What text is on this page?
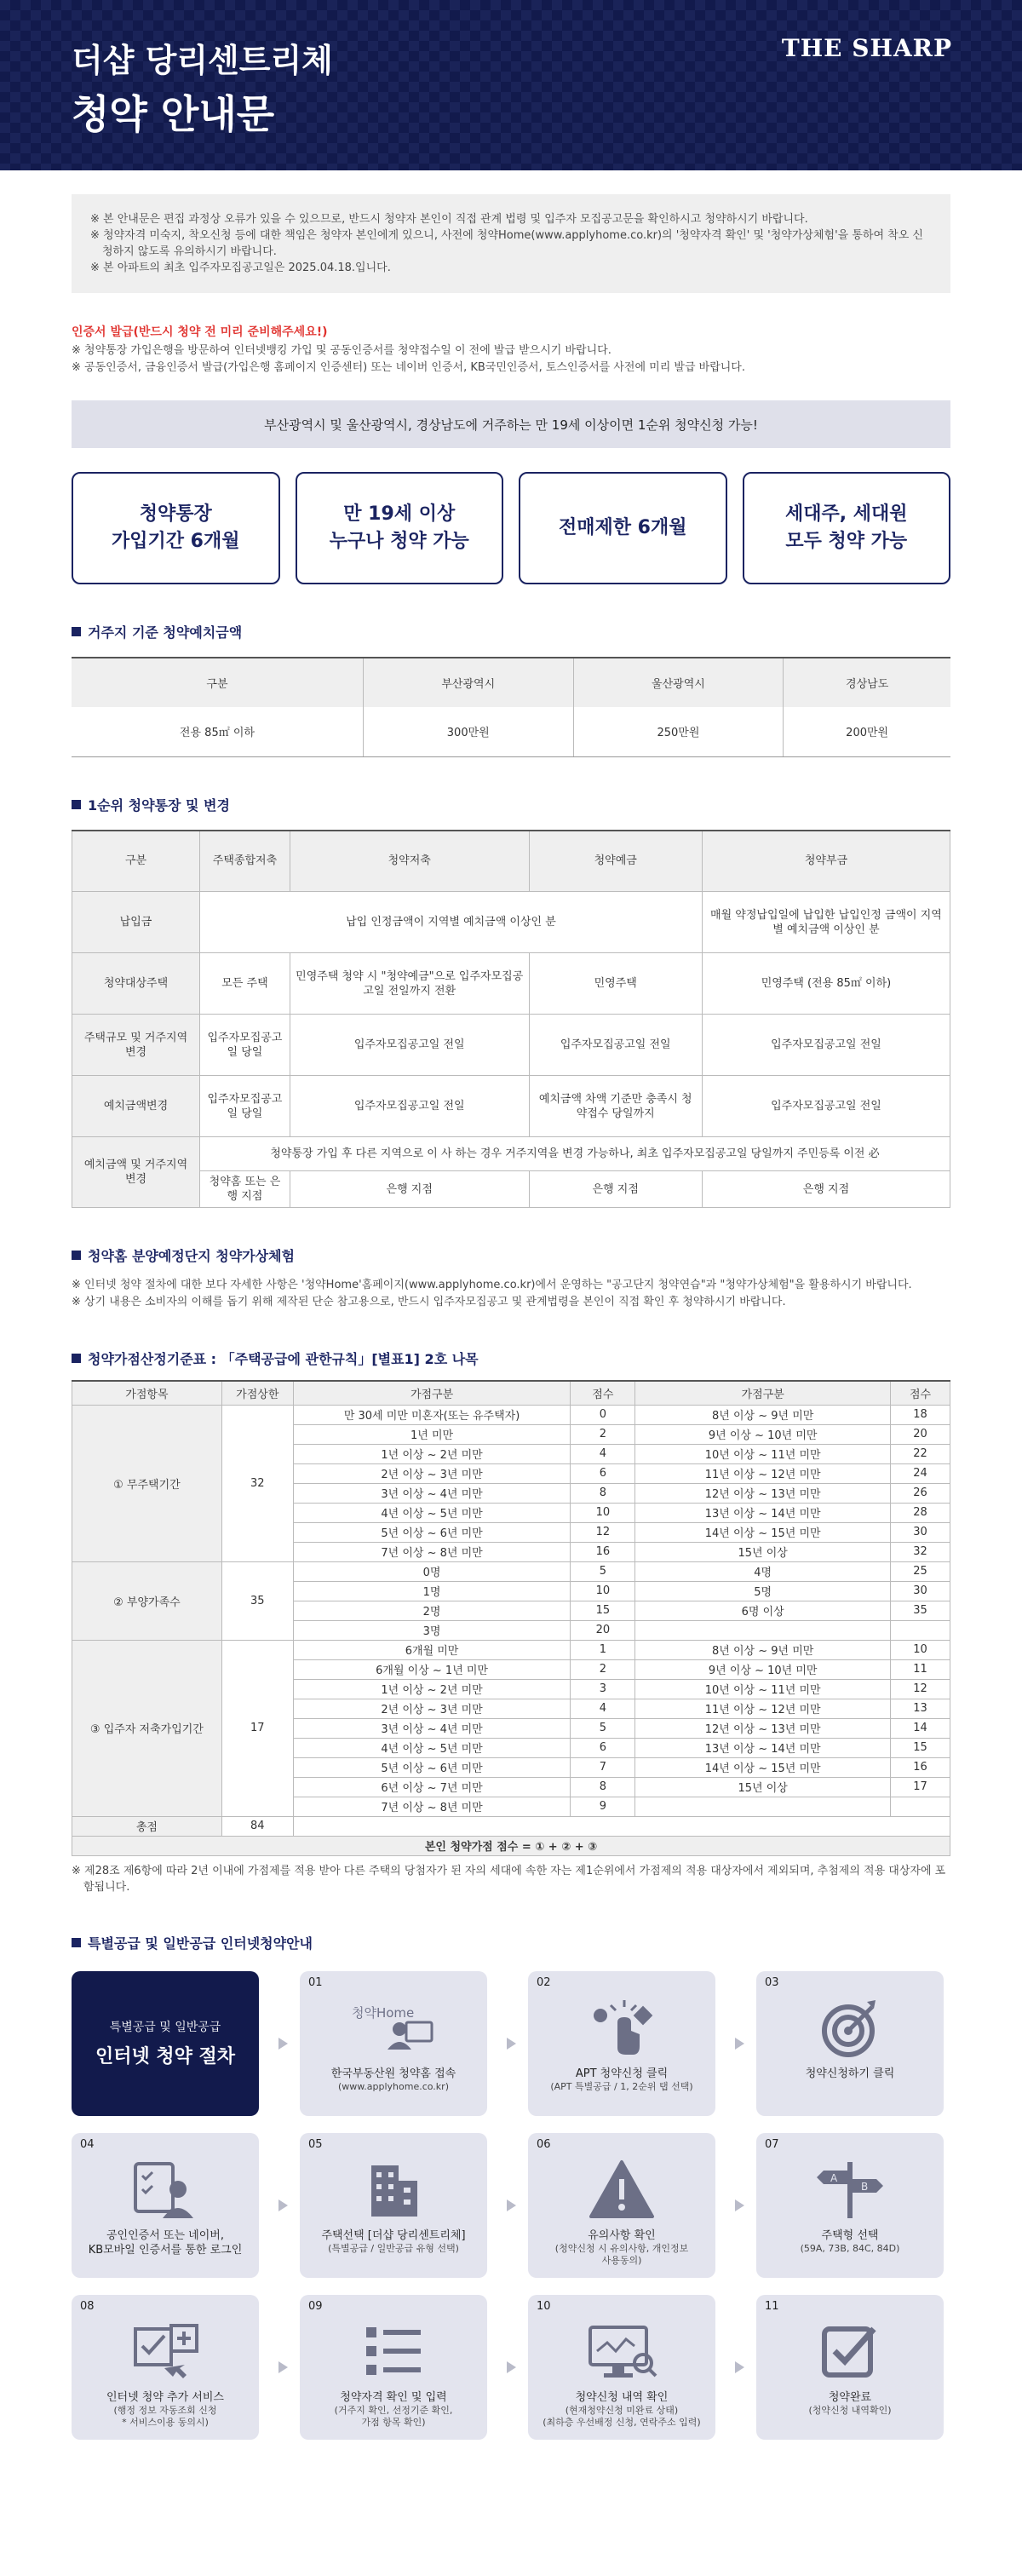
더샵 당리센트리체
청약 안내문
THE SHARP

※ 본 안내문은 편집 과정상 오류가 있을 수 있으므로, 반드시 청약자 본인이 직접 관계 법령 및 입주자 모집공고문을 확인하시고 청약하시기 바랍니다.

※ 청약자격 미숙지, 착오신청 등에 대한 책임은 청약자 본인에게 있으니, 사전에 청약Home(www.applyhome.co.kr)의 '청약자격 확인' 및 '청약가상체험'을 통하여 착오 신청하지 않도록 유의하시기 바랍니다.

※ 본 아파트의 최초 입주자모집공고일은 2025.04.18.입니다.

인증서 발급(반드시 청약 전 미리 준비해주세요!)

※ 청약통장 가입은행을 방문하여 인터넷뱅킹 가입 및 공동인증서를 청약접수일 이 전에 발급 받으시기 바랍니다.

※ 공동인증서, 금융인증서 발급(가입은행 홈페이지 인증센터) 또는 네이버 인증서, KB국민인증서, 토스인증서를 사전에 미리 발급 바랍니다.

부산광역시 및 울산광역시, 경상남도에 거주하는 만 19세 이상이면 1순위 청약신청 가능!
청약통장
가입기간 6개월
만 19세 이상
누구나 청약 가능
전매제한 6개월
세대주, 세대원
모두 청약 가능
거주지 기준 청약예치금액
구분	부산광역시	울산광역시	경상남도
전용 85㎡ 이하	300만원	250만원	200만원
1순위 청약통장 및 변경
구분	주택종합저축	청약저축	청약예금	청약부금
납입금	납입 인정금액이 지역별 예치금액 이상인 분			매월 약정납입일에 납입한 납입인정 금액이 지역별 예치금액 이상인 분
청약대상주택	모든 주택	민영주택 청약 시 "청약예금"으로 입주자모집공고일 전일까지 전환	민영주택	민영주택 (전용 85㎡ 이하)
주택규모 및 거주지역 변경	입주자모집공고일 당일	입주자모집공고일 전일	입주자모집공고일 전일	입주자모집공고일 전일
예치금액변경	입주자모집공고일 당일	입주자모집공고일 전일	예치금액 차액 기준만 충족시 청약접수 당일까지	입주자모집공고일 전일
예치금액 및 거주지역 변경	청약통장 가입 후 다른 지역으로 이 사 하는 경우 거주지역을 변경 가능하나, 최초 입주자모집공고일 당일까지 주민등록 이전 必			
	청약홈 또는 은행 지점	은행 지점	은행 지점	은행 지점
청약홈 분양예정단지 청약가상체험

※ 인터넷 청약 절차에 대한 보다 자세한 사항은 '청약Home'홈페이지(www.applyhome.co.kr)에서 운영하는 "공고단지 청약연습"과 "청약가상체험"을 활용하시기 바랍니다.

※ 상기 내용은 소비자의 이해를 돕기 위해 제작된 단순 참고용으로, 반드시 입주자모집공고 및 관계법령을 본인이 직접 확인 후 청약하시기 바랍니다.

청약가점산정기준표 : 「주택공급에 관한규칙」[별표1] 2호 나목
가점항목	가점상한	가점구분	점수	가점구분	점수
① 무주택기간	32	만 30세 미만 미혼자(또는 유주택자)	0	8년 이상 ~ 9년 미만	18
		1년 미만	2	9년 이상 ~ 10년 미만	20
		1년 이상 ~ 2년 미만	4	10년 이상 ~ 11년 미만	22
		2년 이상 ~ 3년 미만	6	11년 이상 ~ 12년 미만	24
		3년 이상 ~ 4년 미만	8	12년 이상 ~ 13년 미만	26
		4년 이상 ~ 5년 미만	10	13년 이상 ~ 14년 미만	28
		5년 이상 ~ 6년 미만	12	14년 이상 ~ 15년 미만	30
		7년 이상 ~ 8년 미만	16	15년 이상	32
② 부양가족수	35	0명	5	4명	25
		1명	10	5명	30
		2명	15	6명 이상	35
		3명	20		
③ 입주자 저축가입기간	17	6개월 미만	1	8년 이상 ~ 9년 미만	10
		6개월 이상 ~ 1년 미만	2	9년 이상 ~ 10년 미만	11
		1년 이상 ~ 2년 미만	3	10년 이상 ~ 11년 미만	12
		2년 이상 ~ 3년 미만	4	11년 이상 ~ 12년 미만	13
		3년 이상 ~ 4년 미만	5	12년 이상 ~ 13년 미만	14
		4년 이상 ~ 5년 미만	6	13년 이상 ~ 14년 미만	15
		5년 이상 ~ 6년 미만	7	14년 이상 ~ 15년 미만	16
		6년 이상 ~ 7년 미만	8	15년 이상	17
		7년 이상 ~ 8년 미만	9		
총점	84				
본인 청약가점 점수 = ① + ② + ③					

※ 제28조 제6항에 따라 2년 이내에 가점제를 적용 받아 다른 주택의 당첨자가 된 자의 세대에 속한 자는 제1순위에서 가점제의 적용 대상자에서 제외되며, 추첨제의 적용 대상자에 포함됩니다.

특별공급 및 일반공급 인터넷청약안내
특별공급 및 일반공급
인터넷 청약 절차
01
청약Home
한국부동산원 청약홈 접속
(www.applyhome.co.kr)
02
APT 청약신청 클릭
(APT 특별공급 / 1, 2순위 탭 선택)
03
청약신청하기 클릭
04
공인인증서 또는 네이버,
KB모바일 인증서를 통한 로그인
05
주택선택 [더샵 당리센트리체]
(특별공급 / 일반공급 유형 선택)
06
유의사항 확인
(청약신청 시 유의사항, 개인정보
사용동의)
07
A
B
주택형 선택
(59A, 73B, 84C, 84D)
08
인터넷 청약 추가 서비스
(행정 정보 자동조회 신청
* 서비스이용 동의시)
09
청약자격 확인 및 입력
(거주지 확인, 선정기준 확인,
가점 항목 확인)
10
청약신청 내역 확인
(현재청약신청 미완료 상태)
(최하층 우선배정 신청, 연락주소 입력)
11
청약완료
(청약신청 내역확인)
